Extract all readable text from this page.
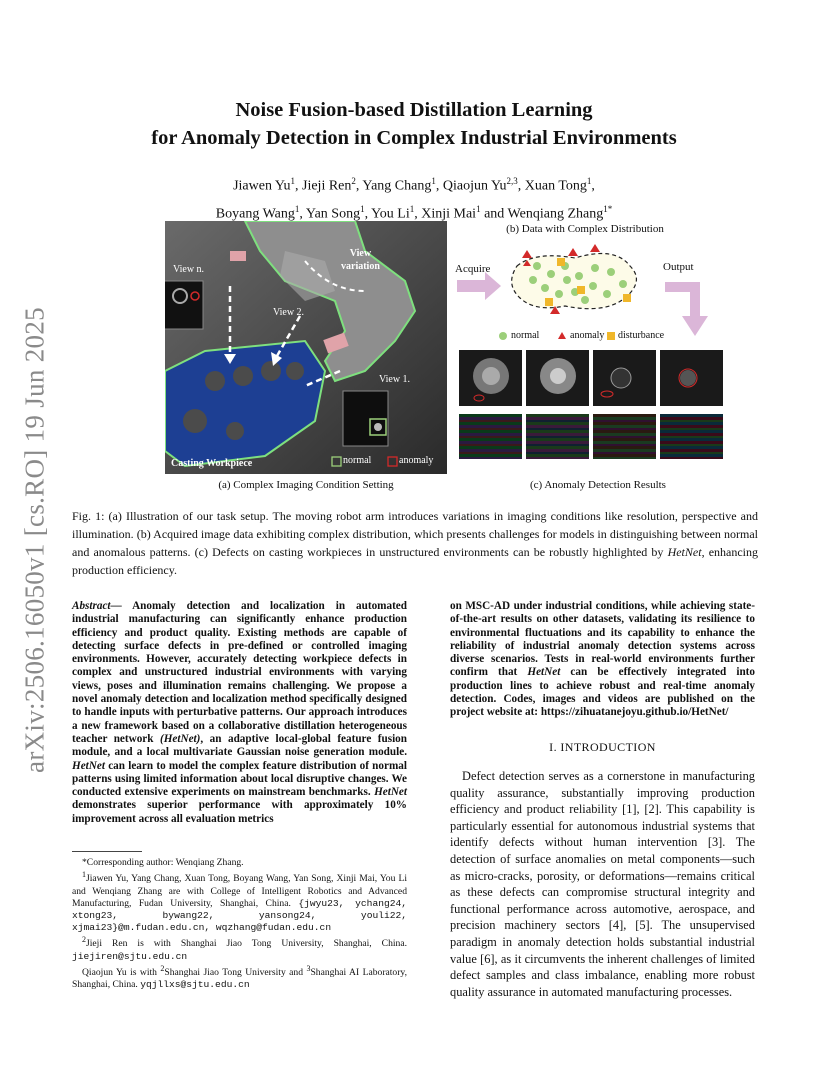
arXiv:2506.16050v1 [cs.RO] 19 Jun 2025
Noise Fusion-based Distillation Learning
for Anomaly Detection in Complex Industrial Environments
Jiawen Yu$^1$, Jieji Ren$^2$, Yang Chang$^1$, Qiaojun Yu$^{2,3}$, Xuan Tong$^1$,
Boyang Wang$^1$, Yan Song$^1$, You Li$^1$, Xinji Mai$^1$ and Wenqiang Zhang$^{1*}$
View n.
View 2.
View 1.
View
variation
Casting Workpiece	normal	anomaly
(a) Complex Imaging Condition Setting
(b) Data with Complex Distribution
Acquire	Output
normal	anomaly disturbance
(c) Anomaly Detection Results
Fig. 1: (a) Illustration of our task setup. The moving robot arm introduces variations in imaging conditions like resolution, perspective and illumination. (b) Acquired image data exhibiting complex distribution, which presents challenges for models in distinguishing between normal and anomalous patterns. (c) Defects on casting workpieces in unstructured environments can be robustly highlighted by HetNet, enhancing production efficiency.
Abstract— Anomaly detection and localization in automated industrial manufacturing can significantly enhance production efficiency and product quality. Existing methods are capable of detecting surface defects in pre-defined or controlled imaging environments. However, accurately detecting workpiece defects in complex and unstructured industrial environments with varying views, poses and illumination remains challenging. We propose a novel anomaly detection and localization method specifically designed to handle inputs with perturbative patterns. Our approach introduces a new framework based on a collaborative distillation heterogeneous teacher network (HetNet), an adaptive local-global feature fusion module, and a local multivariate Gaussian noise generation module. HetNet can learn to model the complex feature distribution of normal patterns using limited information about local disruptive changes. We conducted extensive experiments on mainstream benchmarks. HetNet demonstrates superior performance with approximately 10% improvement across all evaluation metrics
on MSC-AD under industrial conditions, while achieving state-of-the-art results on other datasets, validating its resilience to environmental fluctuations and its capability to enhance the reliability of industrial anomaly detection systems across diverse scenarios. Tests in real-world environments further confirm that HetNet can be effectively integrated into production lines to achieve robust and real-time anomaly detection. Codes, images and videos are published on the project website at: https://zihuatanejoyu.github.io/HetNet/
I. INTRODUCTION
Defect detection serves as a cornerstone in manufacturing quality assurance, substantially improving production efficiency and product reliability [1], [2]. This capability is particularly essential for autonomous industrial systems that identify defects without human intervention [3]. The detection of surface anomalies on metal components—such as micro-cracks, porosity, or deformations—remains critical as these defects can compromise structural integrity and functional performance across automotive, aerospace, and precision machinery sectors [4], [5]. The unsupervised paradigm in anomaly detection holds substantial industrial value [6], as it circumvents the inherent challenges of limited defect samples and class imbalance, enabling more robust quality assurance in automated manufacturing processes.

*Corresponding author: Wenqiang Zhang.

$^1$Jiawen Yu, Yang Chang, Xuan Tong, Boyang Wang, Yan Song, Xinji Mai, You Li and Wenqiang Zhang are with College of Intelligent Robotics and Advanced Manufacturing, Fudan University, Shanghai, China. {jwyu23, ychang24, xtong23, bywang22, yansong24, youli22, xjmai23}@m.fudan.edu.cn, wqzhang@fudan.edu.cn

$^2$Jieji Ren is with Shanghai Jiao Tong University, Shanghai, China. jiejiren@sjtu.edu.cn

Qiaojun Yu is with $^2$Shanghai Jiao Tong University and $^3$Shanghai AI Laboratory, Shanghai, China. yqjllxs@sjtu.edu.cn
